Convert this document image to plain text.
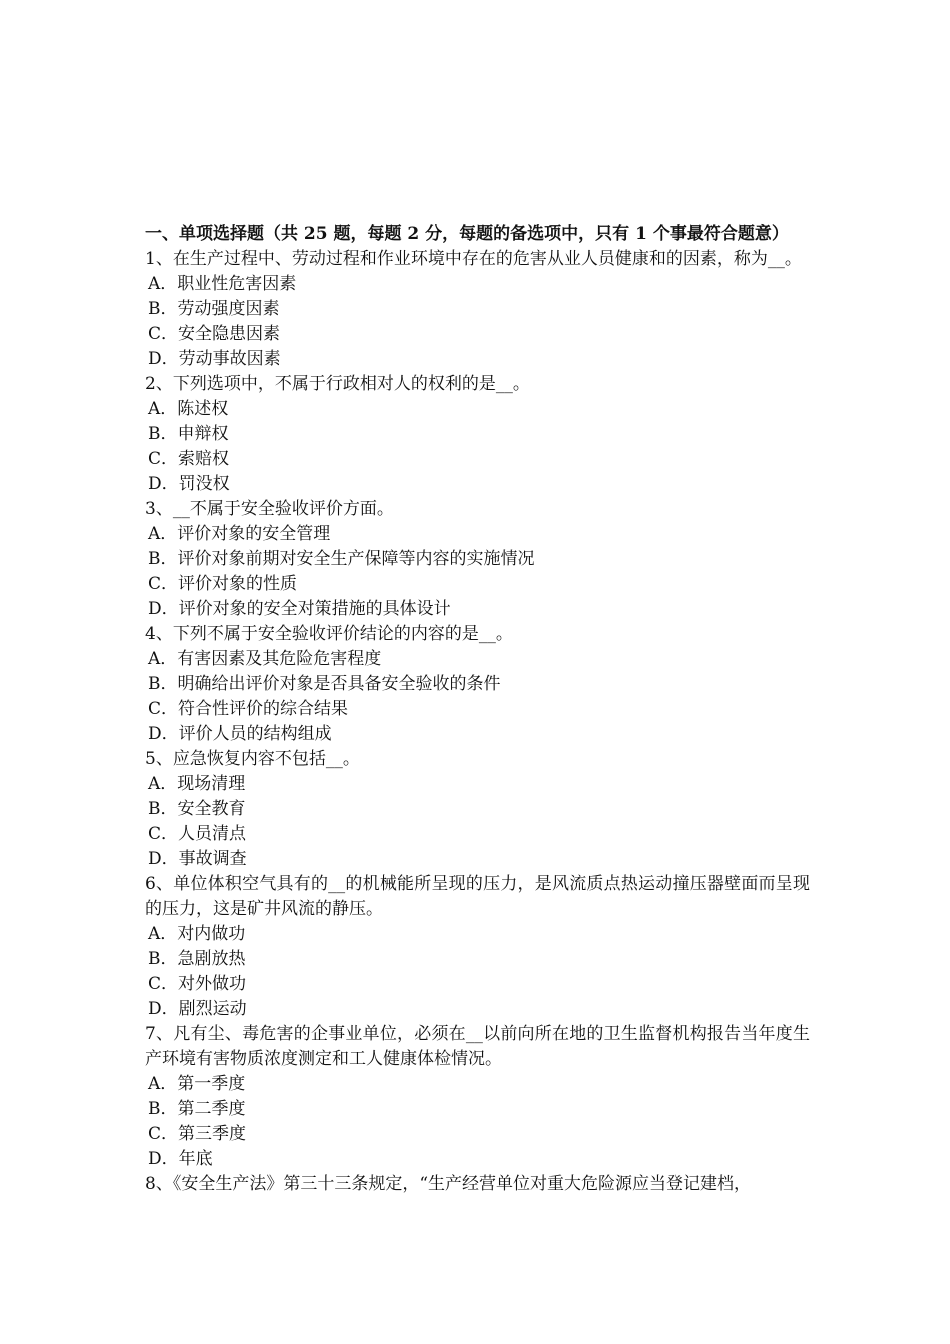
一、单项选择题（共 25 题，每题 2 分，每题的备选项中，只有 1 个事最符合题意）

1、在生产过程中、劳动过程和作业环境中存在的危害从业人员健康和的因素，称为__。

A．职业性危害因素

B．劳动强度因素

C．安全隐患因素

D．劳动事故因素

2、下列选项中，不属于行政相对人的权利的是__。

A．陈述权

B．申辩权

C．索赔权

D．罚没权

3、__不属于安全验收评价方面。

A．评价对象的安全管理

B．评价对象前期对安全生产保障等内容的实施情况

C．评价对象的性质

D．评价对象的安全对策措施的具体设计

4、下列不属于安全验收评价结论的内容的是__。

A．有害因素及其危险危害程度

B．明确给出评价对象是否具备安全验收的条件

C．符合性评价的综合结果

D．评价人员的结构组成

5、应急恢复内容不包括__。

A．现场清理

B．安全教育

C．人员清点

D．事故调查

6、单位体积空气具有的__的机械能所呈现的压力，是风流质点热运动撞压器壁面而呈现的压力，这是矿井风流的静压。

A．对内做功

B．急剧放热

C．对外做功

D．剧烈运动

7、凡有尘、毒危害的企事业单位，必须在__以前向所在地的卫生监督机构报告当年度生产环境有害物质浓度测定和工人健康体检情况。

A．第一季度

B．第二季度

C．第三季度

D．年底

8、《安全生产法》第三十三条规定，“生产经营单位对重大危险源应当登记建档，
